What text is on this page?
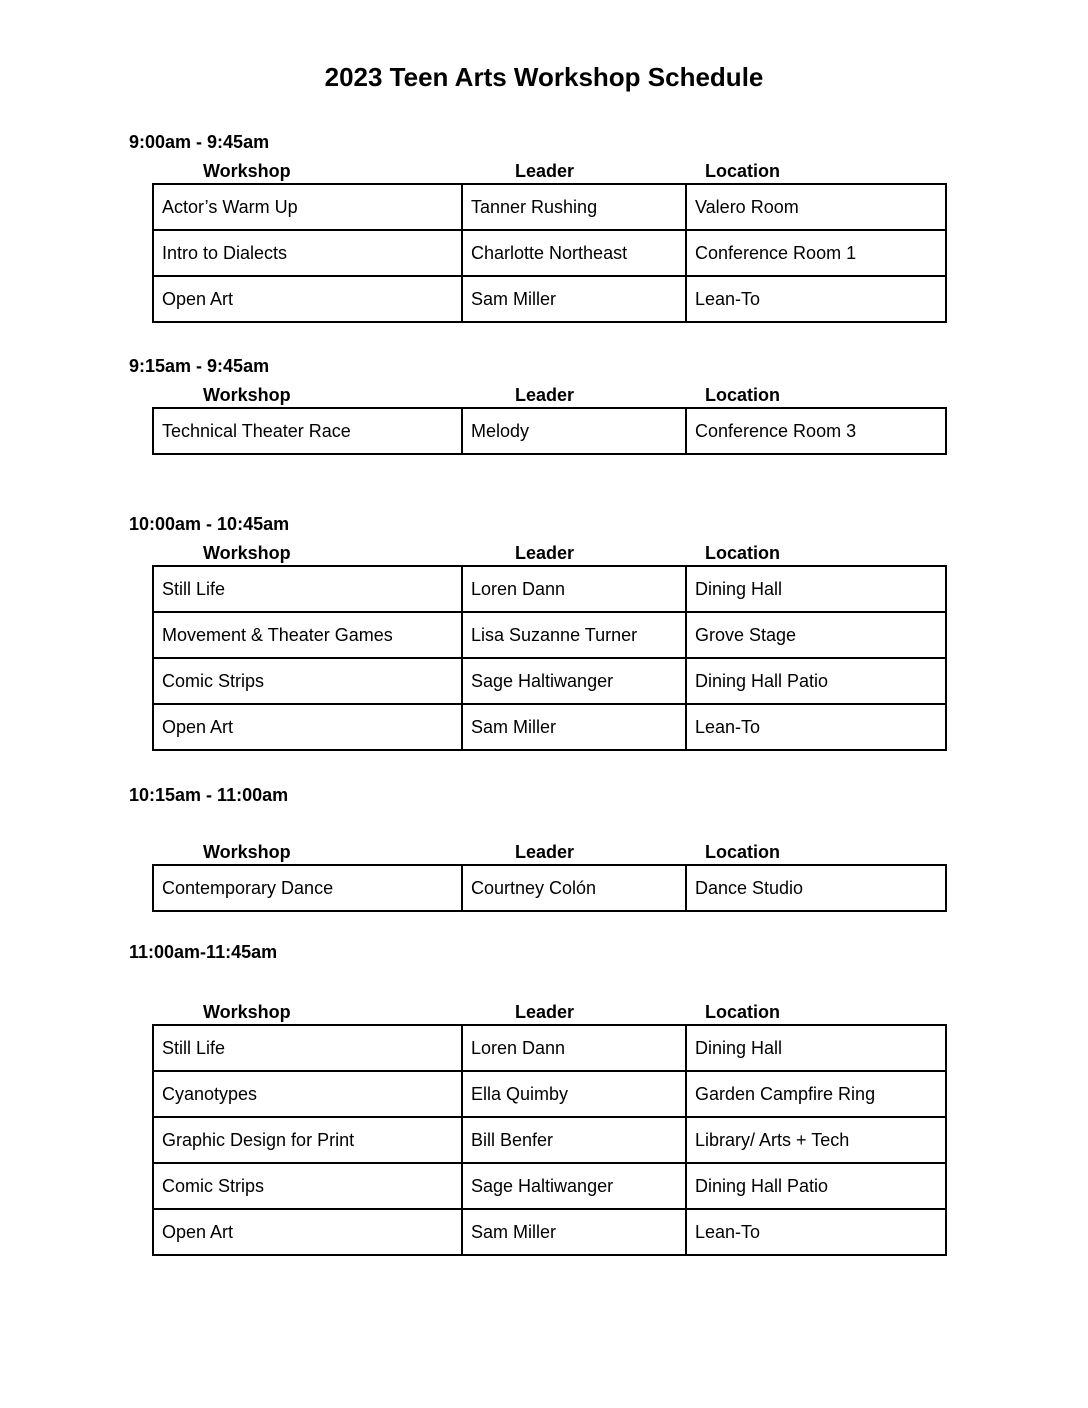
2023 Teen Arts Workshop Schedule
9:00am - 9:45am
Workshop	Leader	Location
Actor’s Warm Up	Tanner Rushing	Valero Room
Intro to Dialects	Charlotte Northeast	Conference Room 1
Open Art	Sam Miller	Lean-To
9:15am - 9:45am
Workshop	Leader	Location
Technical Theater Race	Melody	Conference Room 3
10:00am - 10:45am
Workshop	Leader	Location
Still Life	Loren Dann	Dining Hall
Movement & Theater Games	Lisa Suzanne Turner	Grove Stage
Comic Strips	Sage Haltiwanger	Dining Hall Patio
Open Art	Sam Miller	Lean-To
10:15am - 11:00am
Workshop	Leader	Location
Contemporary Dance	Courtney Colón	Dance Studio
11:00am-11:45am
Workshop	Leader	Location
Still Life	Loren Dann	Dining Hall
Cyanotypes	Ella Quimby	Garden Campfire Ring
Graphic Design for Print	Bill Benfer	Library/ Arts + Tech
Comic Strips	Sage Haltiwanger	Dining Hall Patio
Open Art	Sam Miller	Lean-To
